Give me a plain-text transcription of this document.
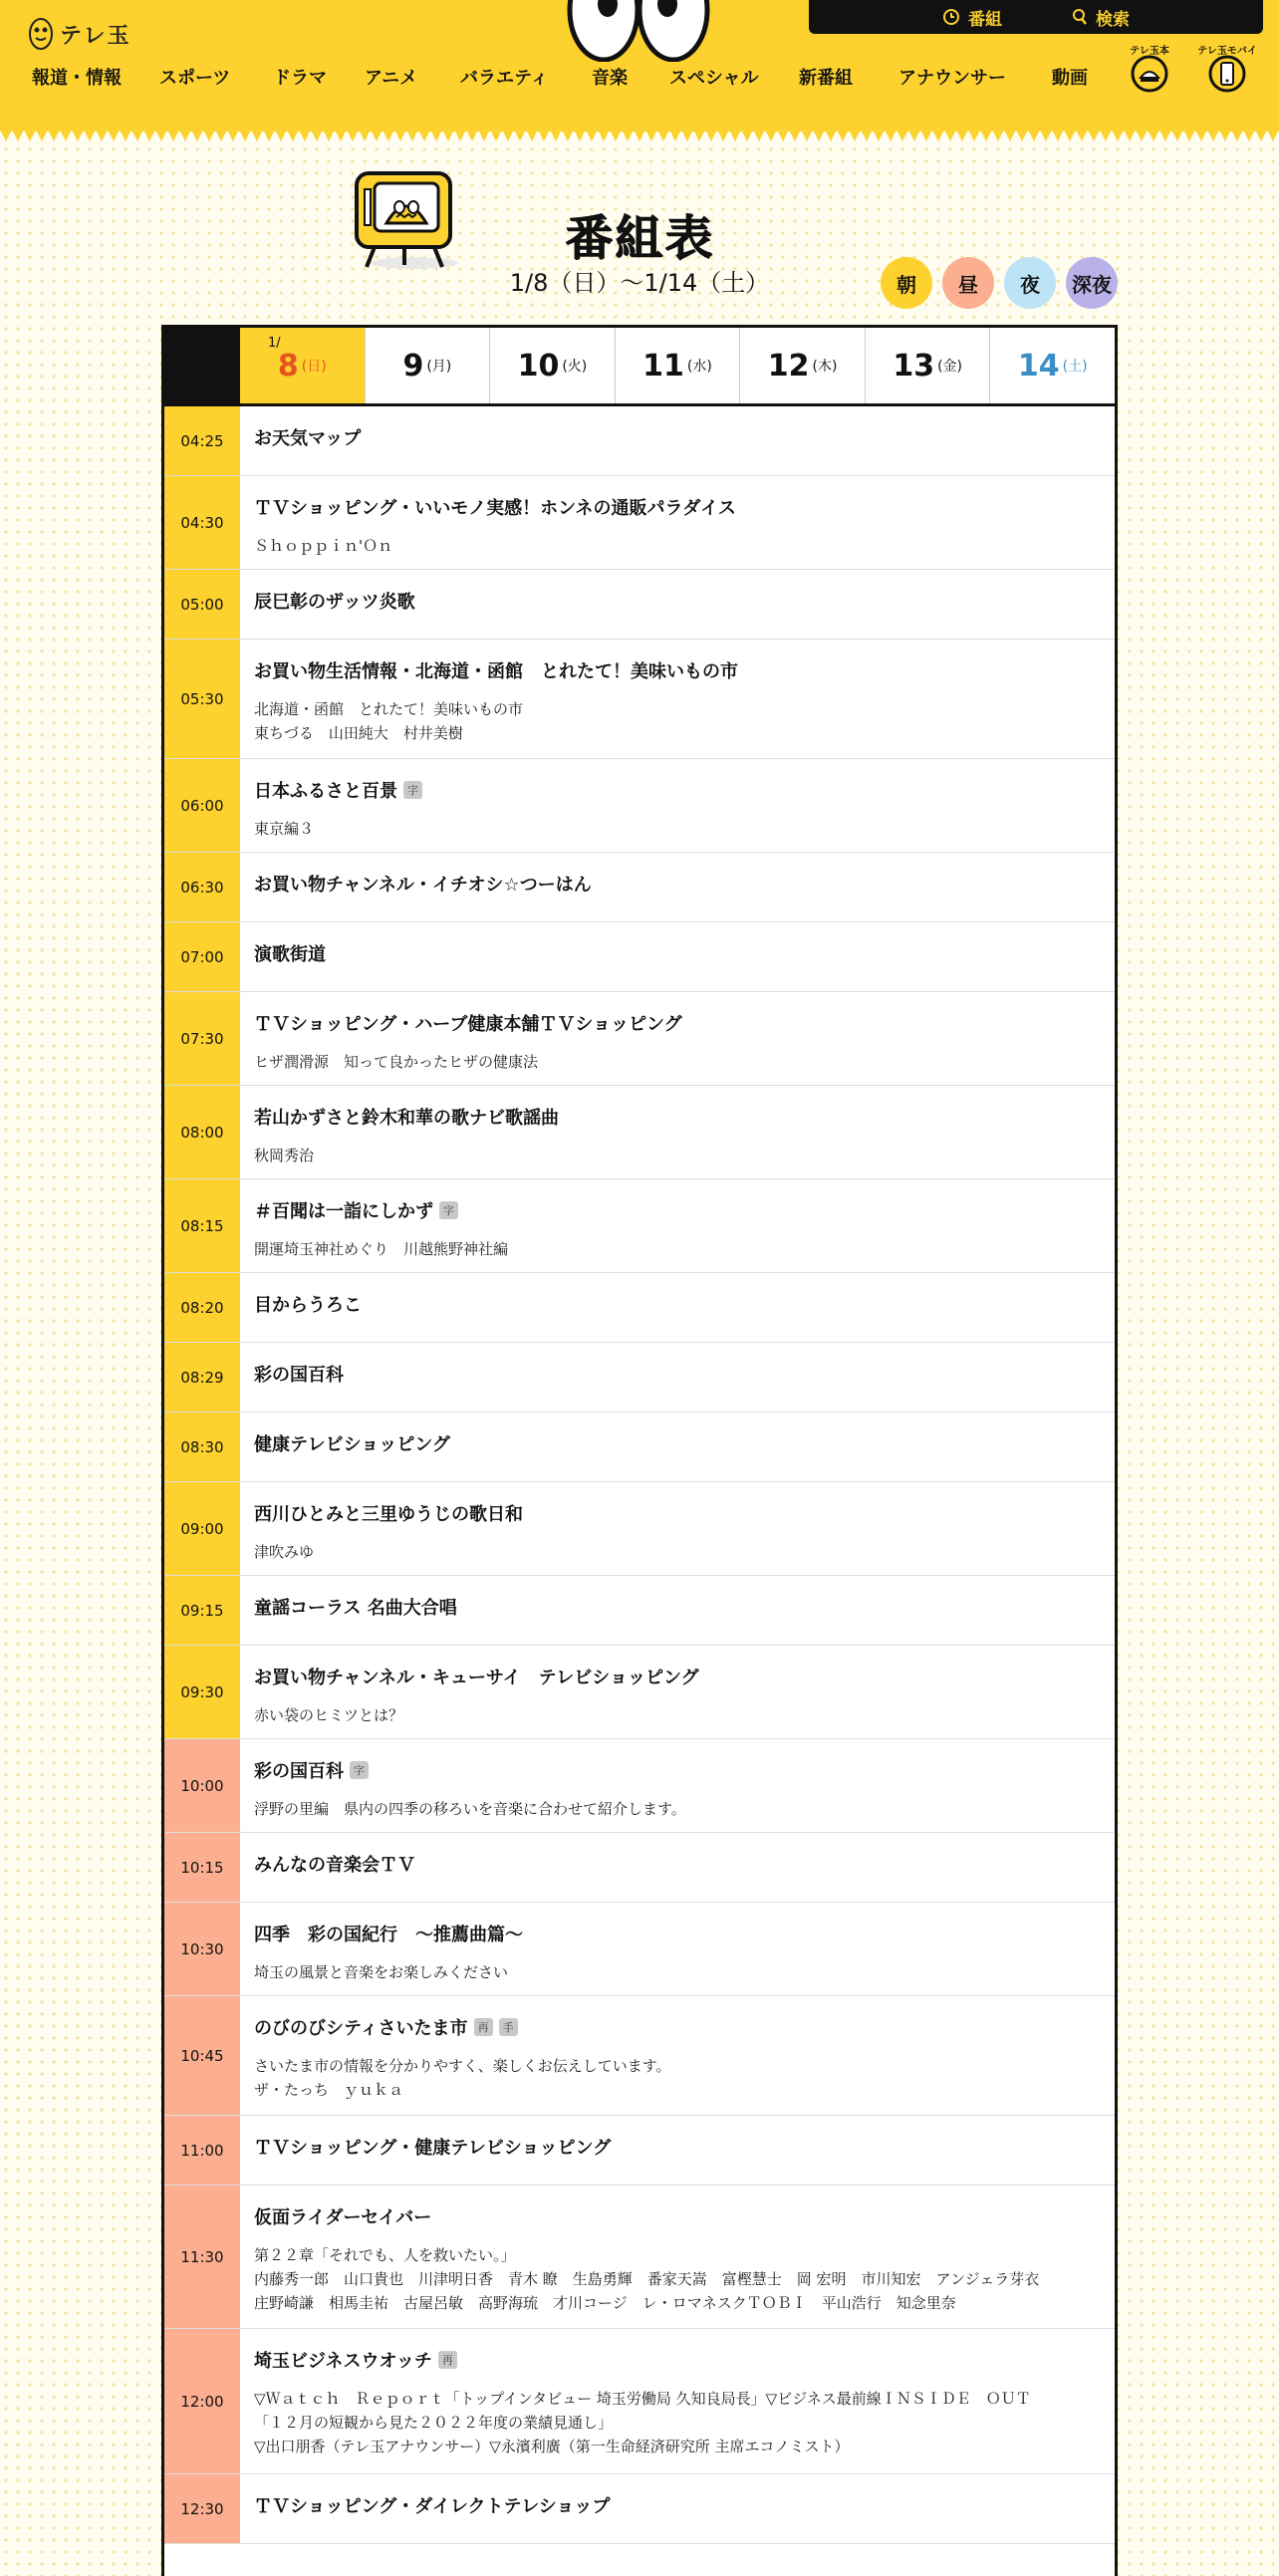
テレ玉
番組	検索
報道・情報 スポーツ ドラマ アニメ バラエティ 音楽 スペシャル 新番組	アナウンサー	動画
テレ玉本	テレ玉モバイ
番組表
1/8（日）〜1/14（土）	朝 昼 夜 深夜
1/
8 (日)	9 (月) 10 (火) 11 (水) 12 (木) 13 (金) 14 (土)
04:25	お天気マップ
04:30
ＴＶショッピング・いいモノ実感！ホンネの通販パラダイス
Ｓｈｏｐｐｉｎ'Ｏｎ
05:00	辰巳彰のザッツ炎歌
05:30
お買い物生活情報・北海道・函館　とれたて！美味いもの市
北海道・函館　とれたて！美味いもの市
東ちづる　山田純大　村井美樹
06:00
日本ふるさと百景 字
東京編３
06:30	お買い物チャンネル・イチオシ☆つーはん
07:00	演歌街道
07:30
ＴＶショッピング・ハーブ健康本舗ＴＶショッピング
ヒザ潤滑源　知って良かったヒザの健康法
08:00
若山かずさと鈴木和華の歌ナビ歌謡曲
秋岡秀治
08:15
＃百聞は一詣にしかず 字
開運埼玉神社めぐり　川越熊野神社編
08:20	目からうろこ
08:29	彩の国百科
08:30	健康テレビショッピング
09:00
西川ひとみと三里ゆうじの歌日和
津吹みゆ
09:15	童謡コーラス 名曲大合唱
09:30
お買い物チャンネル・キューサイ　テレビショッピング
赤い袋のヒミツとは？
10:00
彩の国百科 字
浮野の里編　県内の四季の移ろいを音楽に合わせて紹介します。
10:15	みんなの音楽会ＴＶ
10:30
四季　彩の国紀行　～推薦曲篇～
埼玉の風景と音楽をお楽しみください
10:45
のびのびシティさいたま市 再	手
さいたま市の情報を分かりやすく、楽しくお伝えしています。
ザ・たっち　ｙｕｋａ
11:00	ＴＶショッピング・健康テレビショッピング
11:30
仮面ライダーセイバー
第２２章「それでも、人を救いたい。」
内藤秀一郎　山口貴也　川津明日香　青木 瞭　生島勇輝　番家天嵩　富樫慧士　岡 宏明　市川知宏　アンジェラ芽衣
庄野崎謙　相馬圭祐　古屋呂敏　高野海琉　才川コージ　レ・ロマネスクＴＯＢＩ　平山浩行　知念里奈
12:00
埼玉ビジネスウオッチ 再
▽Ｗａｔｃｈ　Ｒｅｐｏｒｔ「トップインタビュー 埼玉労働局 久知良局長」▽ビジネス最前線ＩＮＳＩＤＥ　ＯＵＴ
「１２月の短観から見た２０２２年度の業績見通し」
▽出口朋香（テレ玉アナウンサー）▽永濱利廣（第一生命経済研究所 主席エコノミスト）
12:30	ＴＶショッピング・ダイレクトテレショップ
